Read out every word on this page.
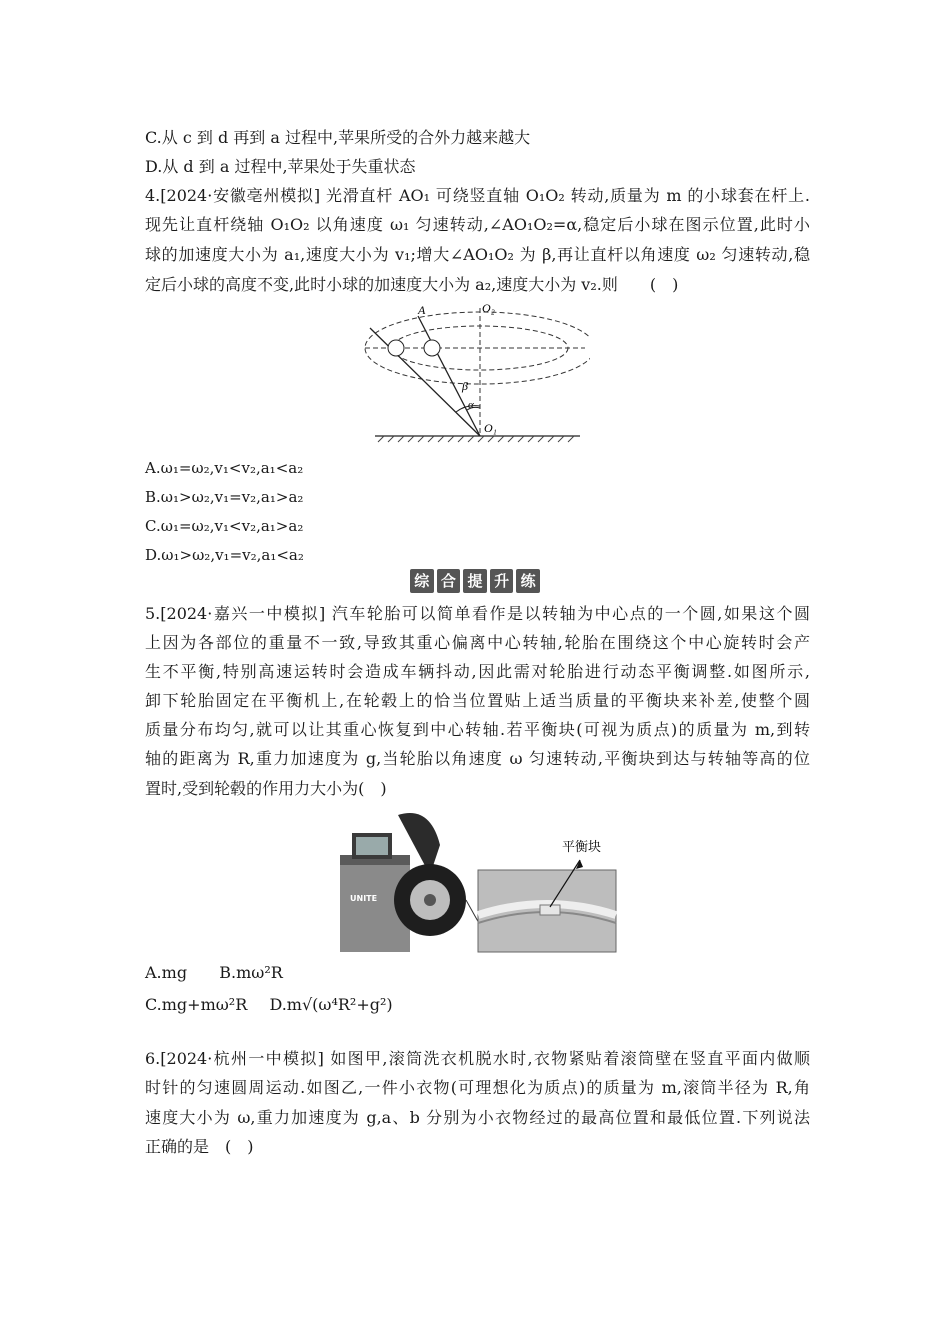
C.从 c 到 d 再到 a 过程中,苹果所受的合外力越来越大
D.从 d 到 a 过程中,苹果处于失重状态
4.[2024·安徽亳州模拟] 光滑直杆 AO₁ 可绕竖直轴 O₁O₂ 转动,质量为 m 的小球套在杆上.
现先让直杆绕轴 O₁O₂ 以角速度 ω₁ 匀速转动,∠AO₁O₂=α,稳定后小球在图示位置,此时小
球的加速度大小为 a₁,速度大小为 v₁;增大∠AO₁O₂ 为 β,再让直杆以角速度 ω₂ 匀速转动,稳
定后小球的高度不变,此时小球的加速度大小为 a₂,速度大小为 v₂.则　　(　)
O₂
A
β
α
O₁
A.ω₁=ω₂,v₁<v₂,a₁<a₂
B.ω₁>ω₂,v₁=v₂,a₁>a₂
C.ω₁=ω₂,v₁<v₂,a₁>a₂
D.ω₁>ω₂,v₁=v₂,a₁<a₂
综 合 提 升 练
5.[2024·嘉兴一中模拟] 汽车轮胎可以简单看作是以转轴为中心点的一个圆,如果这个圆
上因为各部位的重量不一致,导致其重心偏离中心转轴,轮胎在围绕这个中心旋转时会产
生不平衡,特别高速运转时会造成车辆抖动,因此需对轮胎进行动态平衡调整.如图所示,
卸下轮胎固定在平衡机上,在轮毂上的恰当位置贴上适当质量的平衡块来补差,使整个圆
质量分布均匀,就可以让其重心恢复到中心转轴.若平衡块(可视为质点)的质量为 m,到转
轴的距离为 R,重力加速度为 g,当轮胎以角速度 ω 匀速转动,平衡块到达与转轴等高的位
置时,受到轮毂的作用力大小为(　)
UNITE
平衡块
A.mg B.mω²R
C.mg+mω²R D.m√(ω⁴R²+g²)
6.[2024·杭州一中模拟] 如图甲,滚筒洗衣机脱水时,衣物紧贴着滚筒壁在竖直平面内做顺
时针的匀速圆周运动.如图乙,一件小衣物(可理想化为质点)的质量为 m,滚筒半径为 R,角
速度大小为 ω,重力加速度为 g,a、b 分别为小衣物经过的最高位置和最低位置.下列说法
正确的是　(　)
